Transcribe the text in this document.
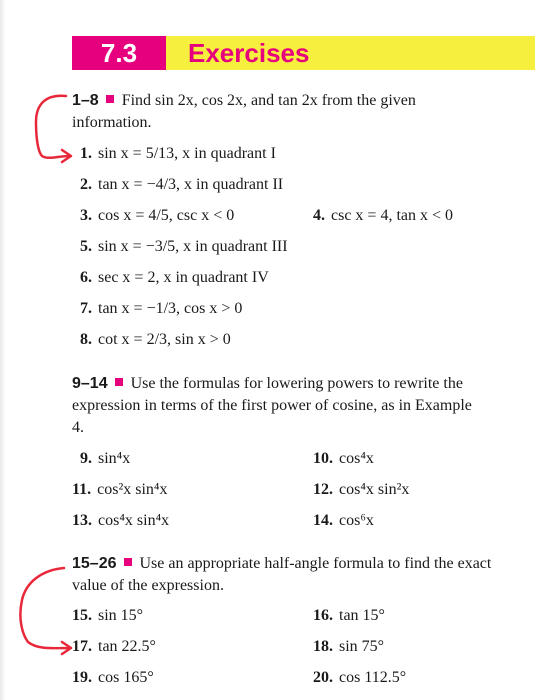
7.3	Exercises
1–8 Find sin 2x, cos 2x, and tan 2x from the given information.
1. sin x = 5/13, x in quadrant I
2. tan x = −4/3, x in quadrant II
3. cos x = 4/5, csc x < 0	4. csc x = 4, tan x < 0
5. sin x = −3/5, x in quadrant III
6. sec x = 2, x in quadrant IV
7. tan x = −1/3, cos x > 0
8. cot x = 2/3, sin x > 0
9–14 Use the formulas for lowering powers to rewrite the expression in terms of the first power of cosine, as in Example 4.
9. sin⁴x	10. cos⁴x
11. cos²x sin⁴x	12. cos⁴x sin²x
13. cos⁴x sin⁴x	14. cos⁶x
15–26 Use an appropriate half-angle formula to find the exact value of the expression.
15. sin 15°	16. tan 15°
17. tan 22.5°	18. sin 75°
19. cos 165°	20. cos 112.5°
